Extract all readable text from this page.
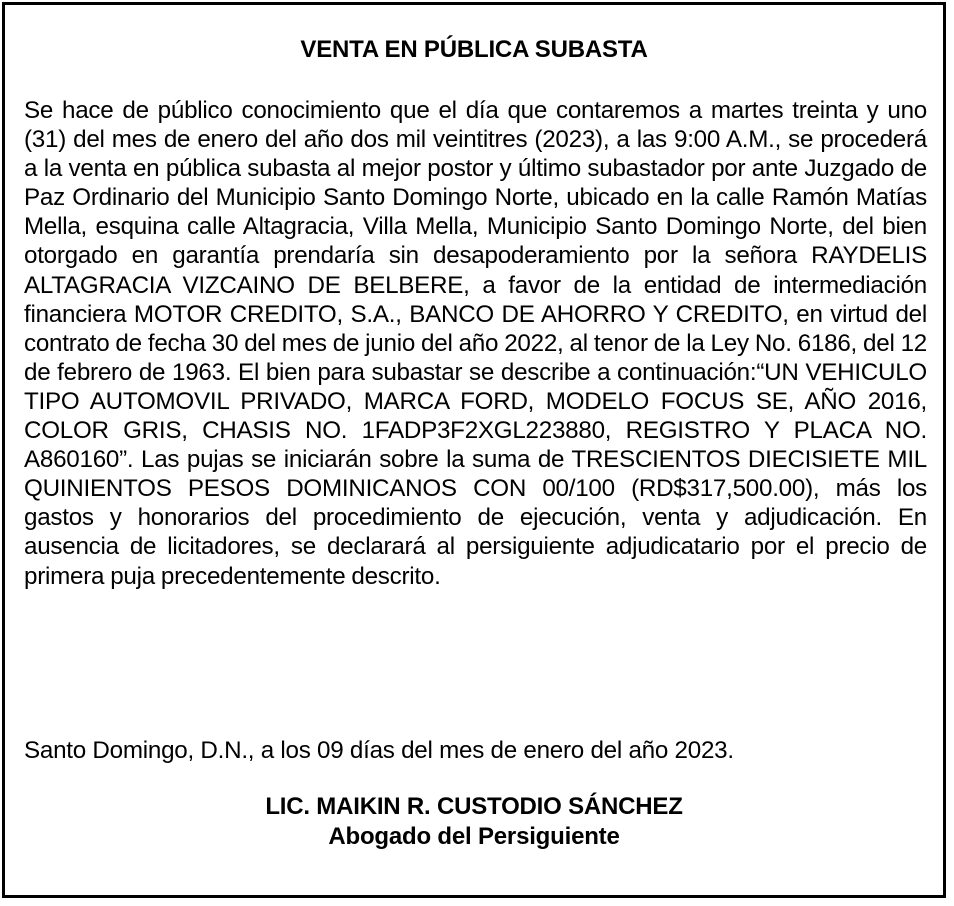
VENTA EN PÚBLICA SUBASTA

Se hace de público conocimiento que el día que contaremos a martes treinta y uno (31) del mes de enero del año dos mil veintitres (2023), a las 9:00 A.M., se procederá a la venta en pública subasta al mejor postor y último subastador por ante Juzgado de Paz Ordinario del Municipio Santo Domingo Norte, ubicado en la calle Ramón Matías Mella, esquina calle Altagracia, Villa Mella, Municipio Santo Domingo Norte, del bien otorgado en garantía prendaría sin desapoderamiento por la señora RAYDELIS ALTAGRACIA VIZCAINO DE BELBERE, a favor de la entidad de intermediación financiera MOTOR CREDITO, S.A., BANCO DE AHORRO Y CREDITO, en virtud del contrato de fecha 30 del mes de junio del año 2022, al tenor de la Ley No. 6186, del 12 de febrero de 1963. El bien para subastar se describe a continuación:“UN VEHICULO TIPO AUTOMOVIL PRIVADO, MARCA FORD, MODELO FOCUS SE, AÑO 2016, COLOR GRIS, CHASIS NO. 1FADP3F2XGL223880, REGISTRO Y PLACA NO. A860160”. Las pujas se iniciarán sobre la suma de TRESCIENTOS DIECISIETE MIL QUINIENTOS PESOS DOMINICANOS CON 00/100 (RD$317,500.00), más los gastos y honorarios del procedimiento de ejecución, venta y adjudicación. En ausencia de licitadores, se declarará al persiguiente adjudicatario por el precio de primera puja precedentemente descrito.

Santo Domingo, D.N., a los 09 días del mes de enero del año 2023.

LIC. MAIKIN R. CUSTODIO SÁNCHEZ
Abogado del Persiguiente
